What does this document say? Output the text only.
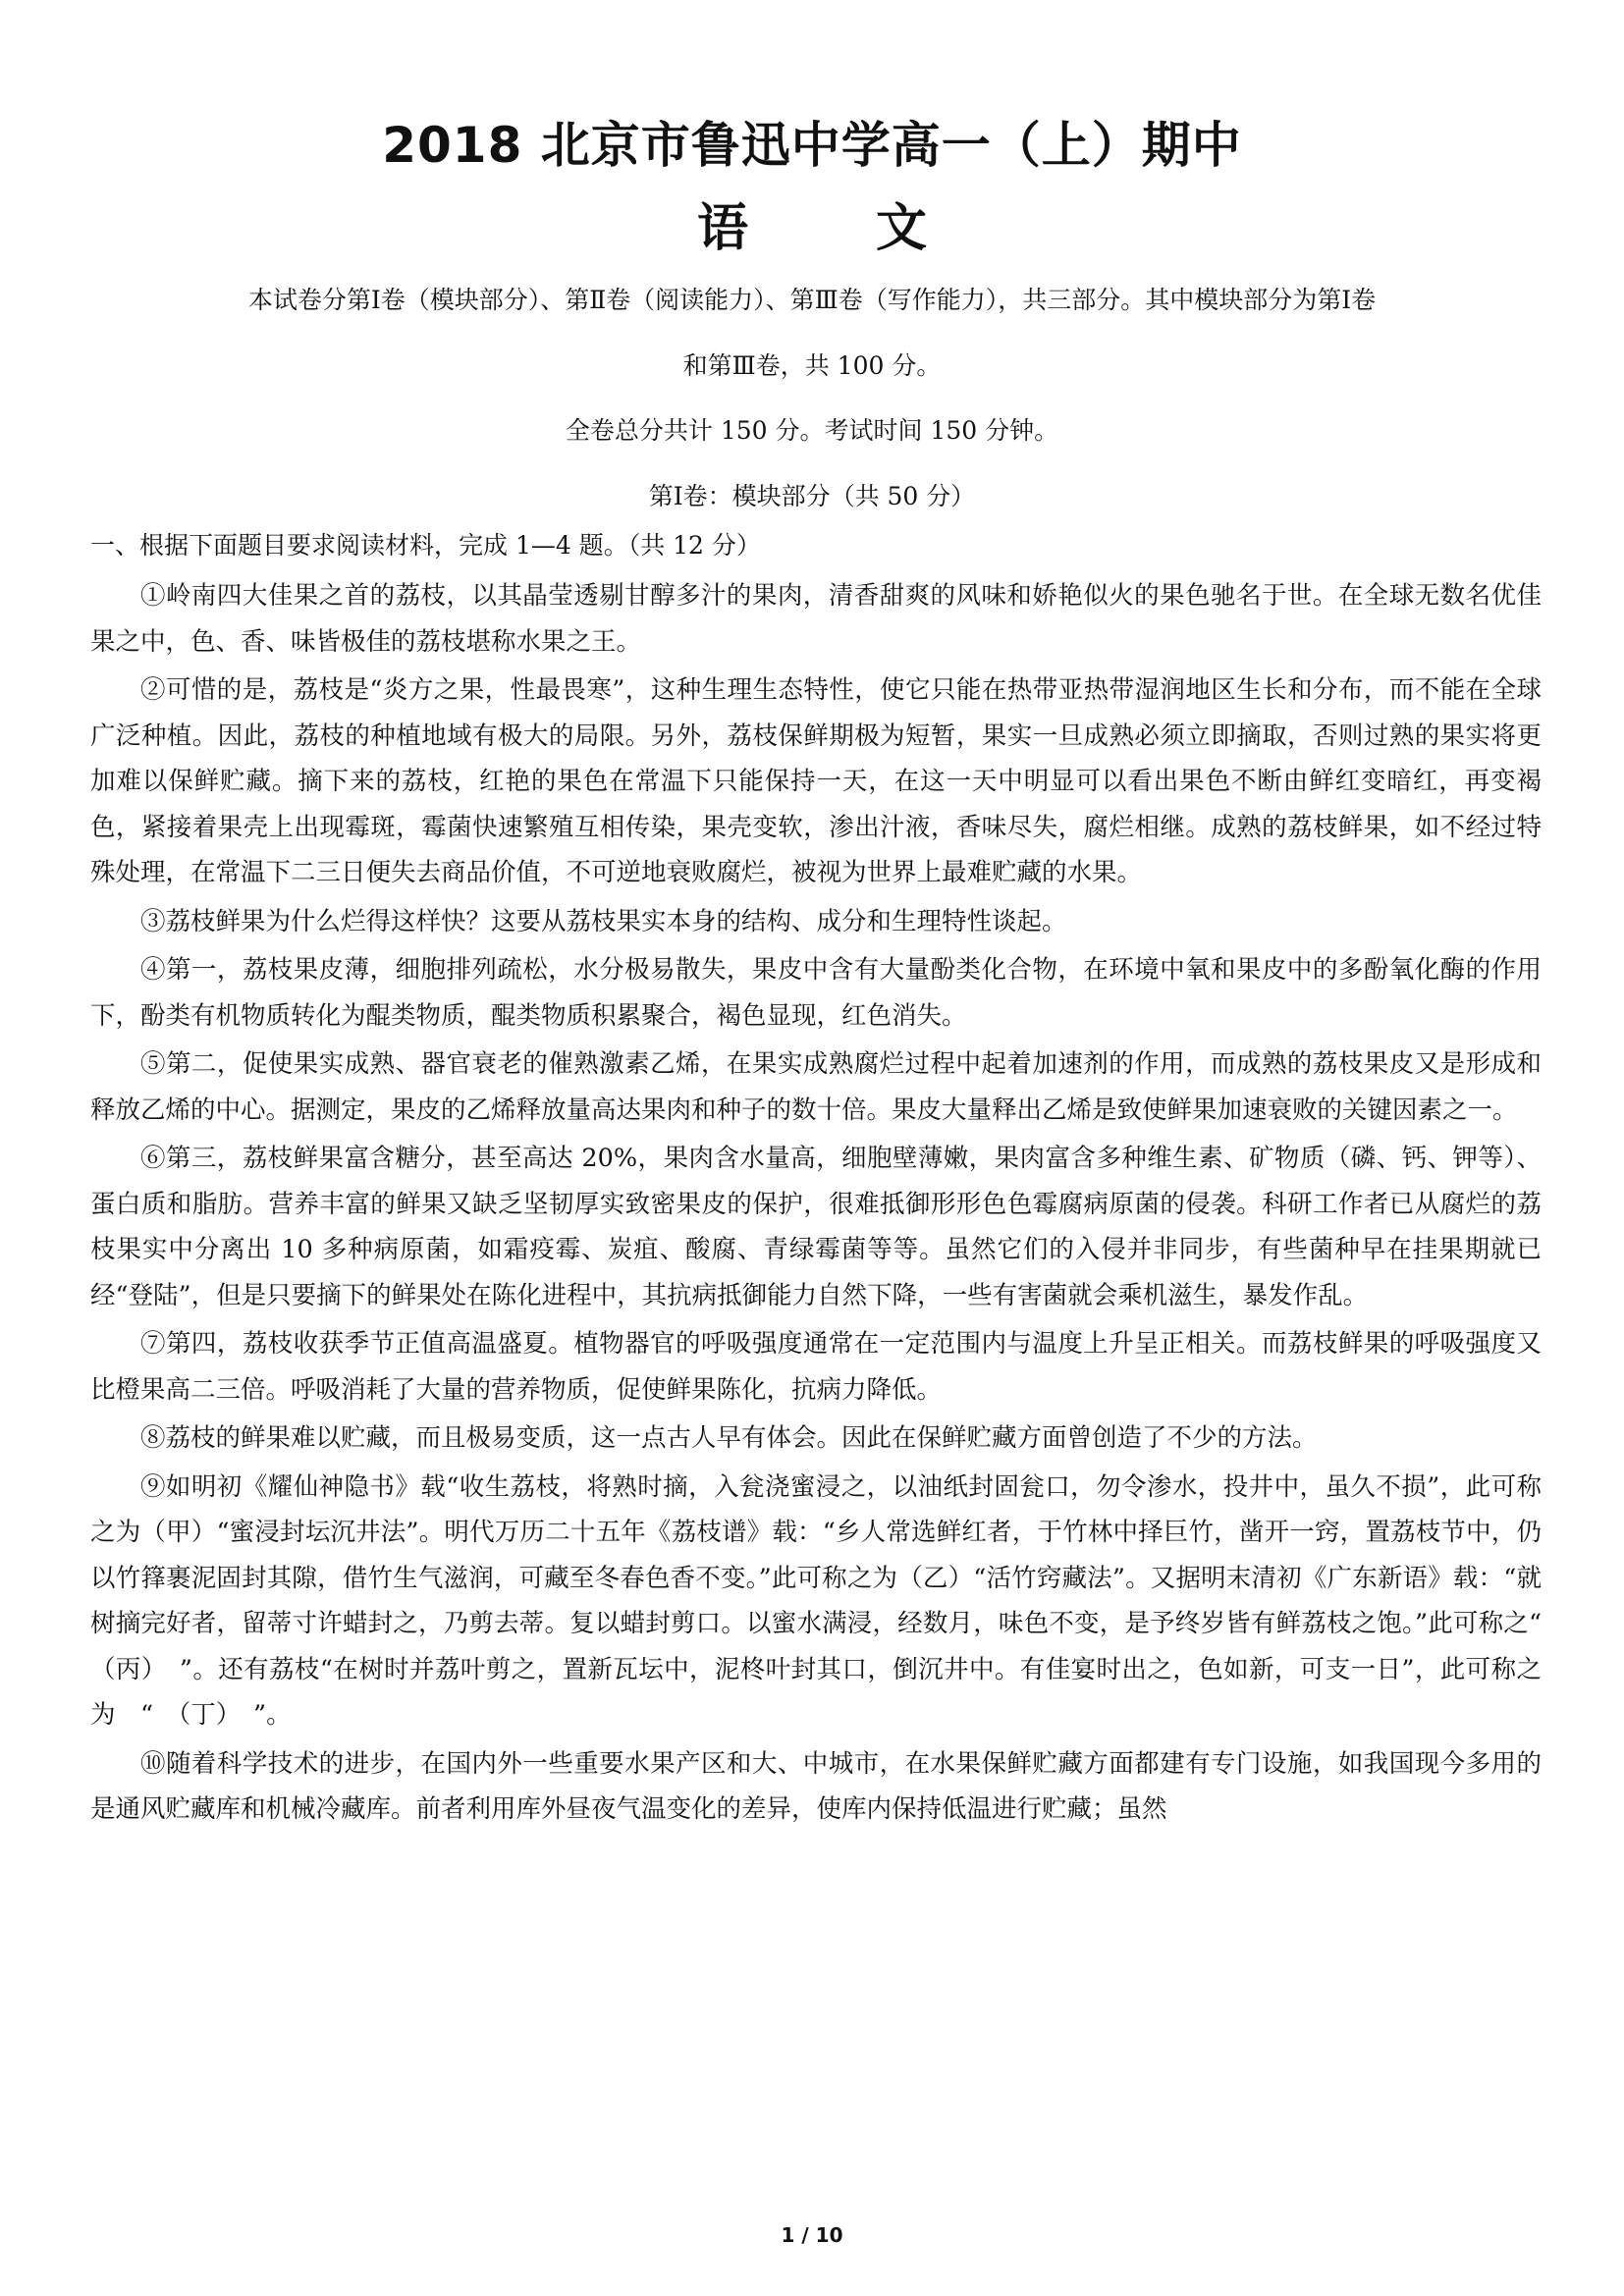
2018 北京市鲁迅中学高一（上）期中
语文
本试卷分第Ⅰ卷（模块部分）、第Ⅱ卷（阅读能力）、第Ⅲ卷（写作能力），共三部分。其中模块部分为第Ⅰ卷
和第Ⅲ卷，共 100 分。
全卷总分共计 150 分。考试时间 150 分钟。
第Ⅰ卷：模块部分（共 50 分）
一、根据下面题目要求阅读材料，完成 1—4 题。（共 12 分）

①岭南四大佳果之首的荔枝，以其晶莹透剔甘醇多汁的果肉，清香甜爽的风味和娇艳似火的果色驰名于世。在全球无数名优佳果之中，色、香、味皆极佳的荔枝堪称水果之王。

②可惜的是，荔枝是“炎方之果，性最畏寒”，这种生理生态特性，使它只能在热带亚热带湿润地区生长和分布，而不能在全球广泛种植。因此，荔枝的种植地域有极大的局限。另外，荔枝保鲜期极为短暂，果实一旦成熟必须立即摘取，否则过熟的果实将更加难以保鲜贮藏。摘下来的荔枝，红艳的果色在常温下只能保持一天，在这一天中明显可以看出果色不断由鲜红变暗红，再变褐色，紧接着果壳上出现霉斑，霉菌快速繁殖互相传染，果壳变软，渗出汁液，香味尽失，腐烂相继。成熟的荔枝鲜果，如不经过特殊处理，在常温下二三日便失去商品价值，不可逆地衰败腐烂，被视为世界上最难贮藏的水果。

③荔枝鲜果为什么烂得这样快？这要从荔枝果实本身的结构、成分和生理特性谈起。

④第一，荔枝果皮薄，细胞排列疏松，水分极易散失，果皮中含有大量酚类化合物，在环境中氧和果皮中的多酚氧化酶的作用下，酚类有机物质转化为醌类物质，醌类物质积累聚合，褐色显现，红色消失。

⑤第二，促使果实成熟、器官衰老的催熟激素乙烯，在果实成熟腐烂过程中起着加速剂的作用，而成熟的荔枝果皮又是形成和释放乙烯的中心。据测定，果皮的乙烯释放量高达果肉和种子的数十倍。果皮大量释出乙烯是致使鲜果加速衰败的关键因素之一。

⑥第三，荔枝鲜果富含糖分，甚至高达 20%，果肉含水量高，细胞壁薄嫩，果肉富含多种维生素、矿物质（磷、钙、钾等）、蛋白质和脂肪。营养丰富的鲜果又缺乏坚韧厚实致密果皮的保护，很难抵御形形色色霉腐病原菌的侵袭。科研工作者已从腐烂的荔枝果实中分离出 10 多种病原菌，如霜疫霉、炭疽、酸腐、青绿霉菌等等。虽然它们的入侵并非同步，有些菌种早在挂果期就已经“登陆”，但是只要摘下的鲜果处在陈化进程中，其抗病抵御能力自然下降，一些有害菌就会乘机滋生，暴发作乱。

⑦第四，荔枝收获季节正值高温盛夏。植物器官的呼吸强度通常在一定范围内与温度上升呈正相关。而荔枝鲜果的呼吸强度又比橙果高二三倍。呼吸消耗了大量的营养物质，促使鲜果陈化，抗病力降低。

⑧荔枝的鲜果难以贮藏，而且极易变质，这一点古人早有体会。因此在保鲜贮藏方面曾创造了不少的方法。

⑨如明初《耀仙神隐书》载“收生荔枝，将熟时摘，入瓮浇蜜浸之，以油纸封固瓮口，勿令渗水，投井中，虽久不损”，此可称之为（甲）“蜜浸封坛沉井法”。明代万历二十五年《荔枝谱》载：“乡人常选鲜红者，于竹林中择巨竹，凿开一窍，置荔枝节中，仍以竹箨裹泥固封其隙，借竹生气滋润，可藏至冬春色香不变。”此可称之为（乙）“活竹窍藏法”。又据明末清初《广东新语》载：“就树摘完好者，留蒂寸许蜡封之，乃剪去蒂。复以蜡封剪口。以蜜水满浸，经数月，味色不变，是予终岁皆有鲜荔枝之饱。”此可称之“　（丙）　”。还有荔枝“在树时并荔叶剪之，置新瓦坛中，泥柊叶封其口，倒沉井中。有佳宴时出之，色如新，可支一日”，此可称之为　“　（丁）　”。

⑩随着科学技术的进步，在国内外一些重要水果产区和大、中城市，在水果保鲜贮藏方面都建有专门设施，如我国现今多用的是通风贮藏库和机械冷藏库。前者利用库外昼夜气温变化的差异，使库内保持低温进行贮藏；虽然

1 / 10
